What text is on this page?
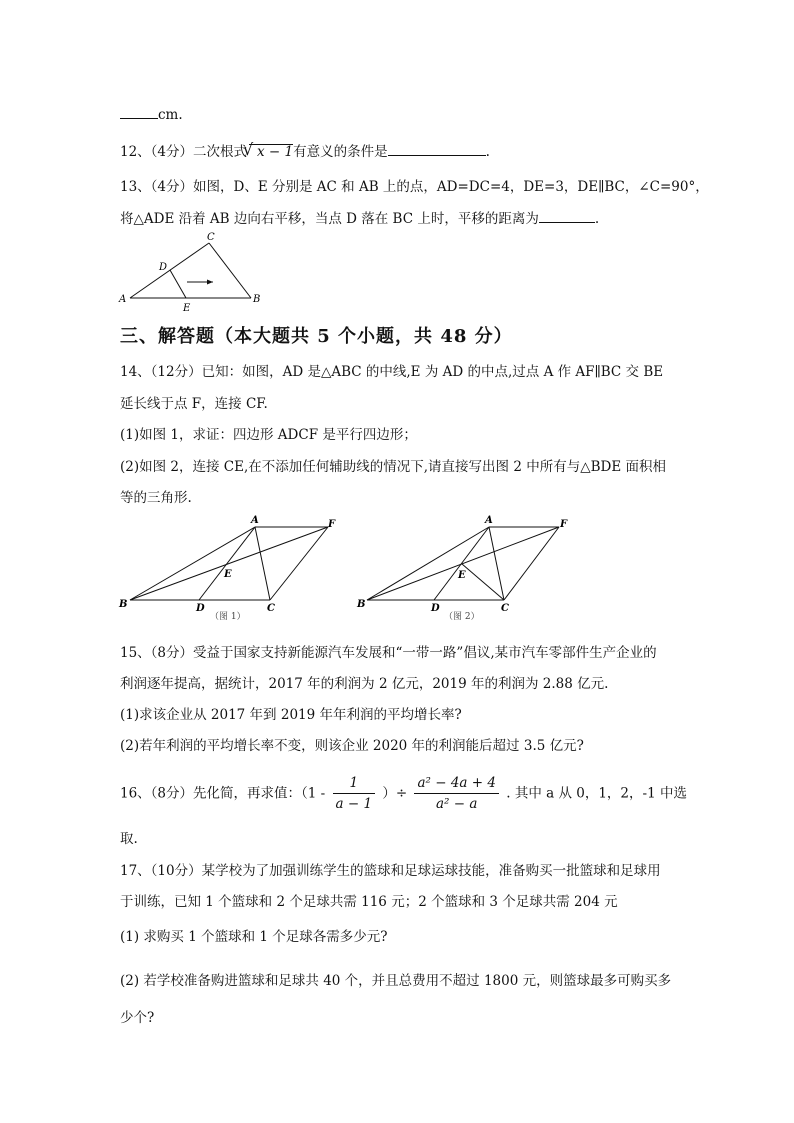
cm.
12、（4分）二次根式√ x − 1有意义的条件是	.
13、（4分）如图，D、E 分别是 AC 和 AB 上的点，AD=DC=4，DE=3，DE∥BC，∠C=90°，
将△ADE 沿着 AB 边向右平移，当点 D 落在 BC 上时，平移的距离为	.
A	B
C
D
E
三、解答题（本大题共 5 个小题，共 48 分）
14、（12分）已知：如图，AD 是△ABC 的中线,E 为 AD 的中点,过点 A 作 AF∥BC 交 BE
延长线于点 F，连接 CF.
(1)如图 1，求证：四边形 ADCF 是平行四边形；
(2)如图 2，连接 CE,在不添加任何辅助线的情况下,请直接写出图 2 中所有与△BDE 面积相
等的三角形.
A	F
E
B	D	C
（图 1）
A	F
E
B	D	C
（图 2）
15、（8分）受益于国家支持新能源汽车发展和“一带一路”倡议,某市汽车零部件生产企业的
利润逐年提高，据统计，2017 年的利润为 2 亿元，2019 年的利润为 2.88 亿元.
(1)求该企业从 2017 年到 2019 年年利润的平均增长率?
(2)若年利润的平均增长率不变，则该企业 2020 年的利润能后超过 3.5 亿元?
16、（8分）先化简，再求值：（$1 - \frac{1}{a - 1}$ ）÷ $\frac{\text{a² − 4a + 4}}{\text{a² − a}}$ . 其中 a 从 0，1，2，-1 中选
取.
17、（10分）某学校为了加强训练学生的篮球和足球运球技能，准备购买一批篮球和足球用
于训练，已知 1 个篮球和 2 个足球共需 116 元；2 个篮球和 3 个足球共需 204 元
(1) 求购买 1 个篮球和 1 个足球各需多少元?
(2) 若学校准备购进篮球和足球共 40 个，并且总费用不超过 1800 元，则篮球最多可购买多
少个?
